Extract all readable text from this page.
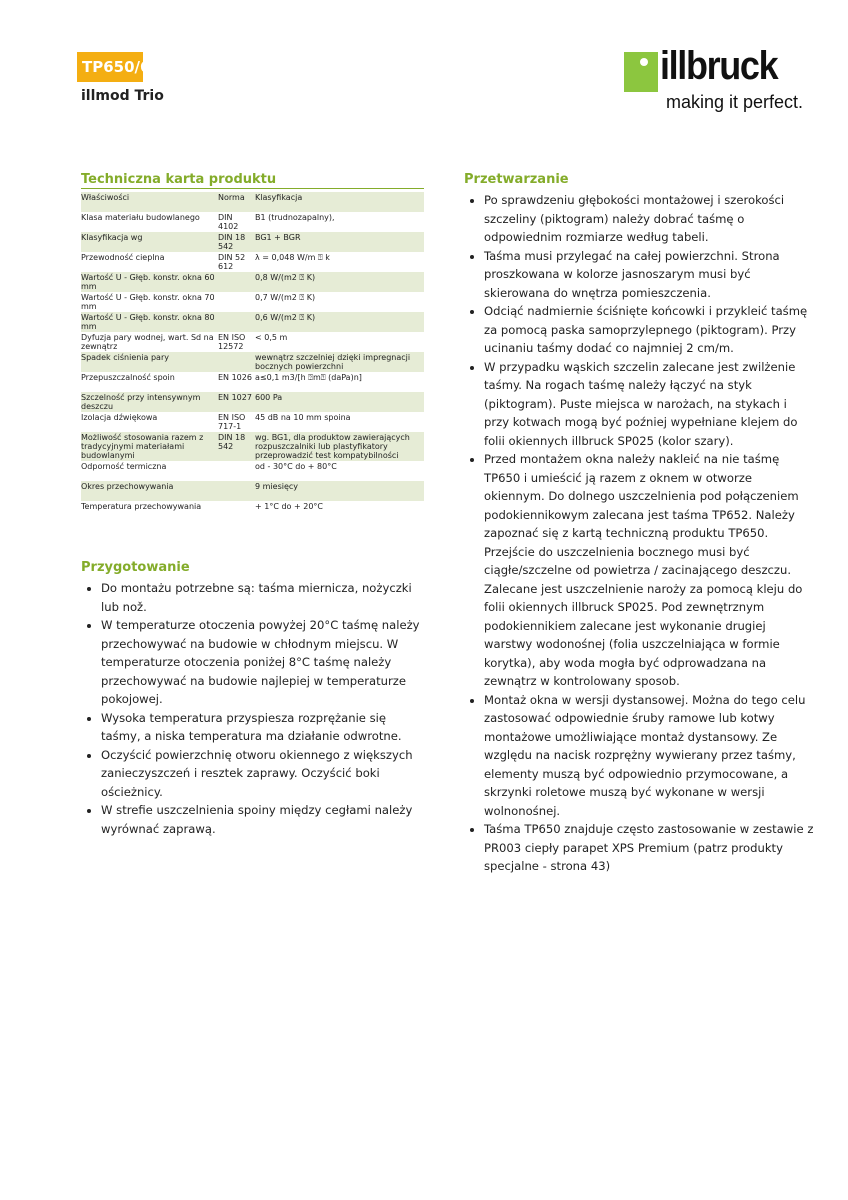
TP650/6
illmod Trio
illbruck
making it perfect.
Techniczna karta produktu
Właściwości	Norma	Klasyfikacja
Klasa materiału budowlanego	DIN 4102	B1 (trudnozapalny),
Klasyfikacja wg	DIN 18 542	BG1 + BGR
Przewodność cieplna	DIN 52 612	λ = 0,048 W/m ⍰ k
Wartość U - Głęb. konstr. okna 60 mm		0,8 W/(m2 ⍰ K)
Wartość U - Głęb. konstr. okna 70 mm		0,7 W/(m2 ⍰ K)
Wartość U - Głęb. konstr. okna 80 mm		0,6 W/(m2 ⍰ K)
Dyfuzja pary wodnej, wart. Sd na zewnątrz	EN ISO 12572	< 0,5 m
Spadek ciśnienia pary		wewnątrz szczelniej dzięki impregnacji bocznych powierzchni
Przepuszczalność spoin	EN 1026	a≤0,1 m3/[h ⍰m⍰ (daPa)n]
Szczelność przy intensywnym deszczu	EN 1027	600 Pa
Izolacja dźwiękowa	EN ISO 717-1	45 dB na 10 mm spoina
Możliwość stosowania razem z tradycyjnymi materiałami budowlanymi	DIN 18 542	wg. BG1, dla produktow zawierających rozpuszczalniki lub plastyfikatory przeprowadzić test kompatybilności
Odporność termiczna		od - 30°C do + 80°C
Okres przechowywania		9 miesięcy
Temperatura przechowywania		+ 1°C do + 20°C
Przygotowanie
• Do montażu potrzebne są: taśma miernicza, nożyczki lub nož.
• W temperaturze otoczenia powyżej 20°C taśmę należy przechowywać na budowie w chłodnym miejscu. W temperaturze otoczenia poniżej 8°C taśmę należy przechowywać na budowie najlepiej w temperaturze pokojowej.
• Wysoka temperatura przyspiesza rozprężanie się taśmy, a niska temperatura ma działanie odwrotne.
• Oczyścić powierzchnię otworu okiennego z większych zanieczyszczeń i resztek zaprawy. Oczyścić boki ościeżnicy.
• W strefie uszczelnienia spoiny między cegłami należy wyrównać zaprawą.
Przetwarzanie
• Po sprawdzeniu głębokości montażowej i szerokości szczeliny (piktogram) należy dobrać taśmę o odpowiednim rozmiarze według tabeli.
• Taśma musi przylegać na całej powierzchni. Strona proszkowana w kolorze jasnoszarym musi być skierowana do wnętrza pomieszczenia.
• Odciąć nadmiernie ściśnięte końcowki i przykleić taśmę za pomocą paska samoprzylepnego (piktogram). Przy ucinaniu taśmy dodać co najmniej 2 cm/m.
• W przypadku wąskich szczelin zalecane jest zwilżenie taśmy. Na rogach taśmę należy łączyć na styk (piktogram). Puste miejsca w narożach, na stykach i przy kotwach mogą być poźniej wypełniane klejem do folii okiennych illbruck SP025 (kolor szary).
• Przed montażem okna należy nakleić na nie taśmę TP650 i umieścić ją razem z oknem w otworze okiennym. Do dolnego uszczelnienia pod połączeniem podokiennikowym zalecana jest taśma TP652. Należy zapoznać się z kartą techniczną produktu TP650. Przejście do uszczelnienia bocznego musi być ciągłe/szczelne od powietrza / zacinającego deszczu. Zalecane jest uszczelnienie naroży za pomocą kleju do folii okiennych illbruck SP025. Pod zewnętrznym podokiennikiem zalecane jest wykonanie drugiej warstwy wodonośnej (folia uszczelniająca w formie korytka), aby woda mogła być odprowadzana na zewnątrz w kontrolowany sposob.
• Montaż okna w wersji dystansowej. Można do tego celu zastosować odpowiednie śruby ramowe lub kotwy montażowe umożliwiające montaż dystansowy. Ze względu na nacisk rozprężny wywierany przez taśmy, elementy muszą być odpowiednio przymocowane, a skrzynki roletowe muszą być wykonane w wersji wolnonośnej.
• Taśma TP650 znajduje często zastosowanie w zestawie z PR003 ciepły parapet XPS Premium (patrz produkty specjalne - strona 43)
